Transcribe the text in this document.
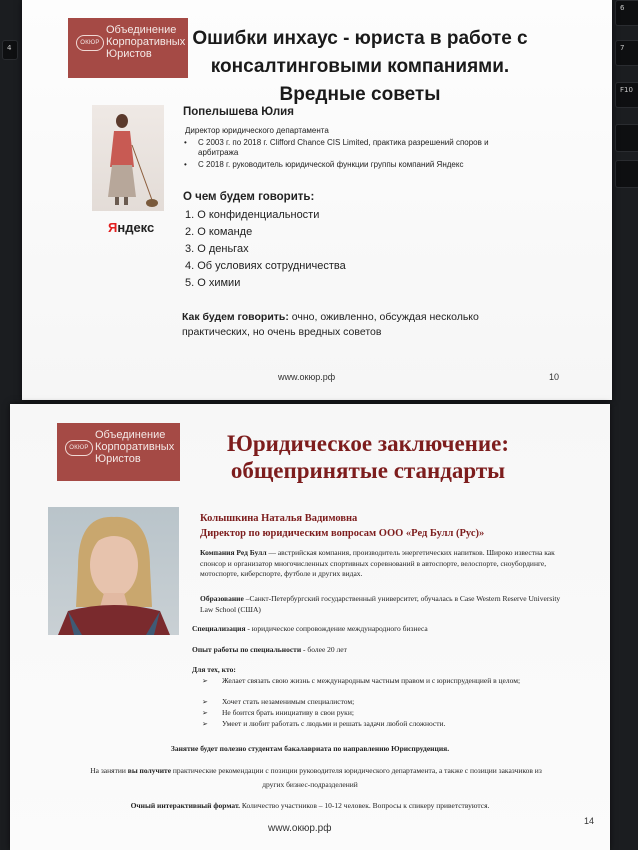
4
6
7
F10
ОКЮР
Объединение
Корпоративных
Юристов
Ошибки инхаус - юриста в работе с
консалтинговыми компаниями.
Вредные советы
Яндекс
Попелышева Юлия
Директор юридического департамента
• С 2003 г. по 2018 г. Clifford Chance CIS Limited, практика разрешений споров и арбитража
• С 2018 г. руководитель юридической функции группы компаний Яндекс
О чем будем говорить:
1. О конфиденциальности
2. О команде
3. О деньгах
4. Об условиях сотрудничества
5. О химии
Как будем говорить: очно, оживленно, обсуждая несколько практических, но очень вредных советов
www.окюр.рф	10
ОКЮР
Объединение
Корпоративных
Юристов
Юридическое заключение:
общепринятые стандарты
Колышкина Наталья Вадимовна
Директор по юридическим вопросам ООО «Ред Булл (Рус)»
Компания Ред Булл — австрийская компания, производитель энергетических напитков. Широко известна как спонсор и организатор многочисленных спортивных соревнований в автоспорте, велоспорте, сноубординге, мотоспорте, киберспорте, футболе и других видах.
Образование –Санкт-Петербургский государственный университет, обучалась в Case Western Reserve University Law School (США)
Специализация - юридическое сопровождение международного бизнеса
Опыт работы по специальности - более 20 лет
Для тех, кто:
➢ Желает связать свою жизнь с международным частным правом и с юриспруденцией в целом;
➢ Хочет стать незаменимым специалистом;
➢ Не боится брать инициативу в свои руки;
➢ Умеет и любит работать с людьми и решать задачи любой сложности.
Занятие будет полезно студентам бакалавриата по направлению Юриспруденция.
На занятии вы получите практические рекомендации с позиции руководителя юридического департамента, а также с позиции заказчиков из
других бизнес-подразделений
Очный интерактивный формат. Количество участников – 10-12 человек. Вопросы к спикеру приветствуются.
www.окюр.рф
14
